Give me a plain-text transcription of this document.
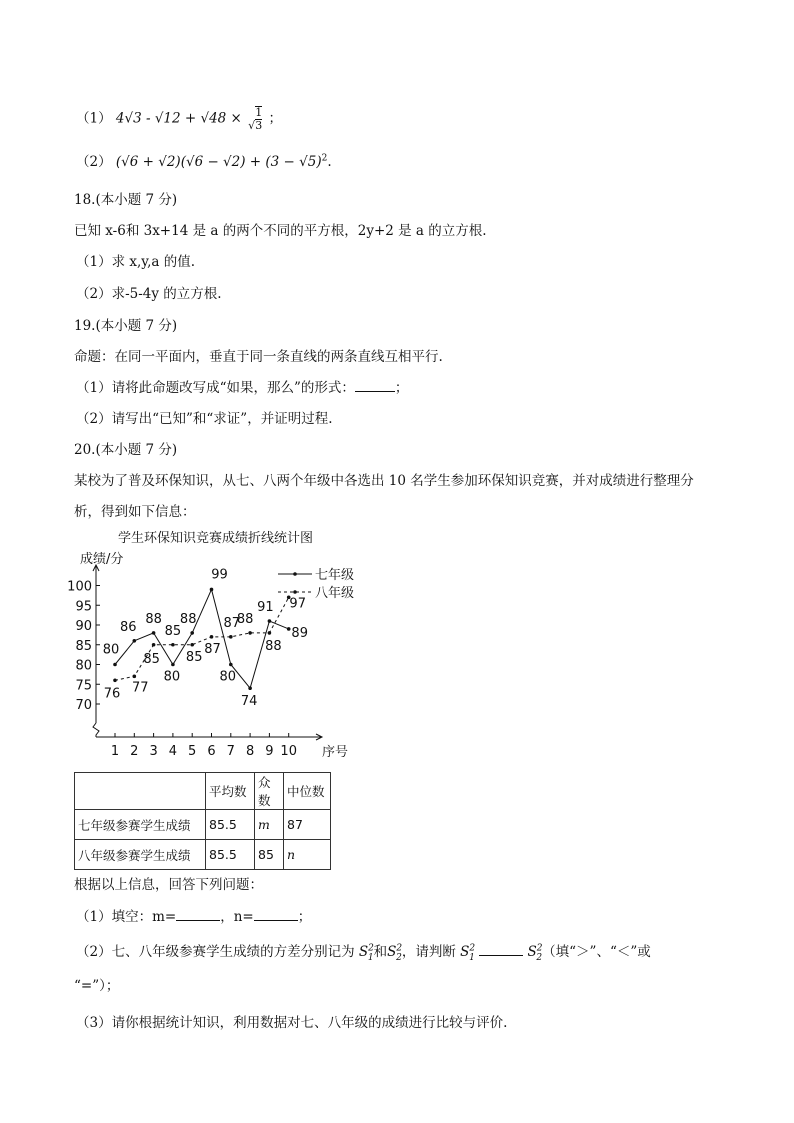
（1） 4√3 - √12 + √48 × √ $\frac{1}{3}$ ；
（2） $(√6 + √2)(√6 - √2) + (3 - √5)^2$.
18.(本小题 7 分)
已知 x-6和 3x+14 是 a 的两个不同的平方根，2y+2 是 a 的立方根.
（1）求 x,y,a 的值.
（2）求-5-4y 的立方根.
19.(本小题 7 分)
命题：在同一平面内，垂直于同一条直线的两条直线互相平行.
（1）请将此命题改写成“如果，那么”的形式：	；
（2）请写出“已知”和“求证”，并证明过程.
20.(本小题 7 分)
某校为了普及环保知识，从七、八两个年级中各选出 10 名学生参加环保知识竞赛，并对成绩进行整理分
析，得到如下信息：
学生环保知识竞赛成绩折线统计图
成绩/分
序号
70
75
80
85
90
95
100
1 2 3 4 5 6 7 8 9 10
80
86
88
80
88
99
80
74
91
89
76 77
85
85
85
87
87
88
88
97
七年级
八年级
	平均数	众数	中位数
七年级参赛学生成绩	85.5	m	87
八年级参赛学生成绩	85.5	85	n
根据以上信息，回答下列问题：
（1）填空：m=	，n=	；
（2）七、八年级参赛学生成绩的方差分别记为 $S^2_1$和$S^2_2$，请判断 $S^2_1$	$S^2_2$（填“＞”、“＜”或
“=”）；
（3）请你根据统计知识，利用数据对七、八年级的成绩进行比较与评价.
